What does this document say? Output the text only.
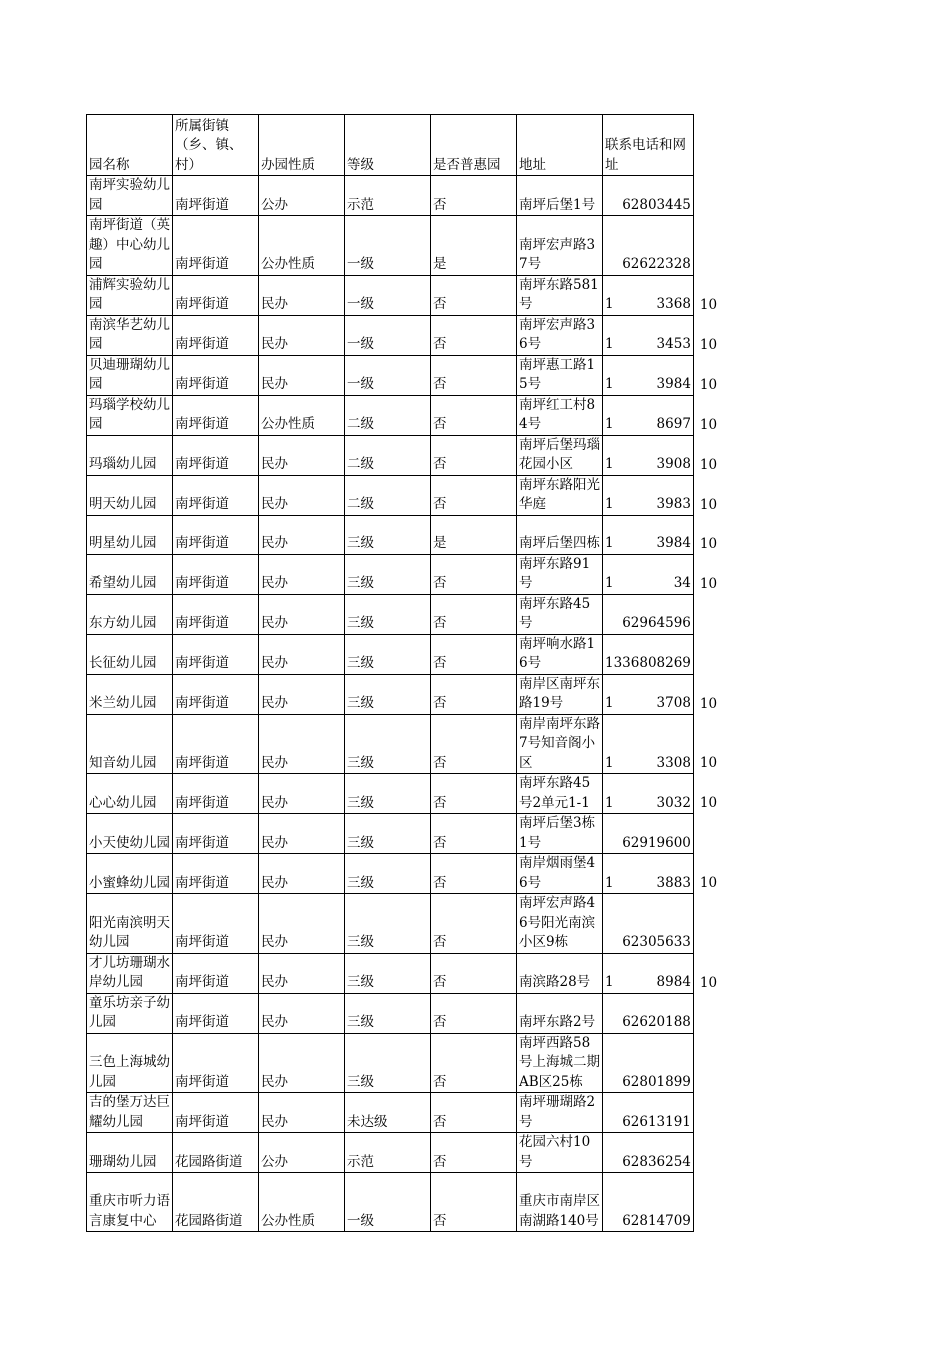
园名称	所属街镇（乡、镇、村）	办园性质	等级	是否普惠园	地址	联系电话和网址	
南坪实验幼儿园	南坪街道	公办	示范	否	南坪后堡1号	62803445	
南坪街道（英趣）中心幼儿园	南坪街道	公办性质	一级	是	南坪宏声路37号	62622328	
浦辉实验幼儿园	南坪街道	民办	一级	否	南坪东路581号	1 3368	10
南滨华艺幼儿园	南坪街道	民办	一级	否	南坪宏声路36号	1 3453	10
贝迪珊瑚幼儿园	南坪街道	民办	一级	否	南坪惠工路15号	1 3984	10
玛瑙学校幼儿园	南坪街道	公办性质	二级	否	南坪红工村84号	1 8697	10
玛瑙幼儿园	南坪街道	民办	二级	否	南坪后堡玛瑙花园小区	1 3908	10
明天幼儿园	南坪街道	民办	二级	否	南坪东路阳光华庭	1 3983	10
明星幼儿园	南坪街道	民办	三级	是	南坪后堡四栋	1 3984	10
希望幼儿园	南坪街道	民办	三级	否	南坪东路91号	1 34	10
东方幼儿园	南坪街道	民办	三级	否	南坪东路45号	62964596	
长征幼儿园	南坪街道	民办	三级	否	南坪响水路16号	1336808269	
米兰幼儿园	南坪街道	民办	三级	否	南岸区南坪东路19号	1 3708	10
知音幼儿园	南坪街道	民办	三级	否	南岸南坪东路7号知音阁小区	1 3308	10
心心幼儿园	南坪街道	民办	三级	否	南坪东路45号2单元1-1	1 3032	10
小天使幼儿园	南坪街道	民办	三级	否	南坪后堡3栋1号	62919600	
小蜜蜂幼儿园	南坪街道	民办	三级	否	南岸烟雨堡46号	1 3883	10
阳光南滨明天幼儿园	南坪街道	民办	三级	否	南坪宏声路46号阳光南滨小区9栋	62305633	
才儿坊珊瑚水岸幼儿园	南坪街道	民办	三级	否	南滨路28号	1 8984	10
童乐坊亲子幼儿园	南坪街道	民办	三级	否	南坪东路2号	62620188	
三色上海城幼儿园	南坪街道	民办	三级	否	南坪西路58号上海城二期AB区25栋	62801899	
吉的堡万达巨耀幼儿园	南坪街道	民办	未达级	否	南坪珊瑚路2号	62613191	
珊瑚幼儿园	花园路街道	公办	示范	否	花园六村10号	62836254	
重庆市听力语言康复中心	花园路街道	公办性质	一级	否	重庆市南岸区南湖路140号	62814709	
